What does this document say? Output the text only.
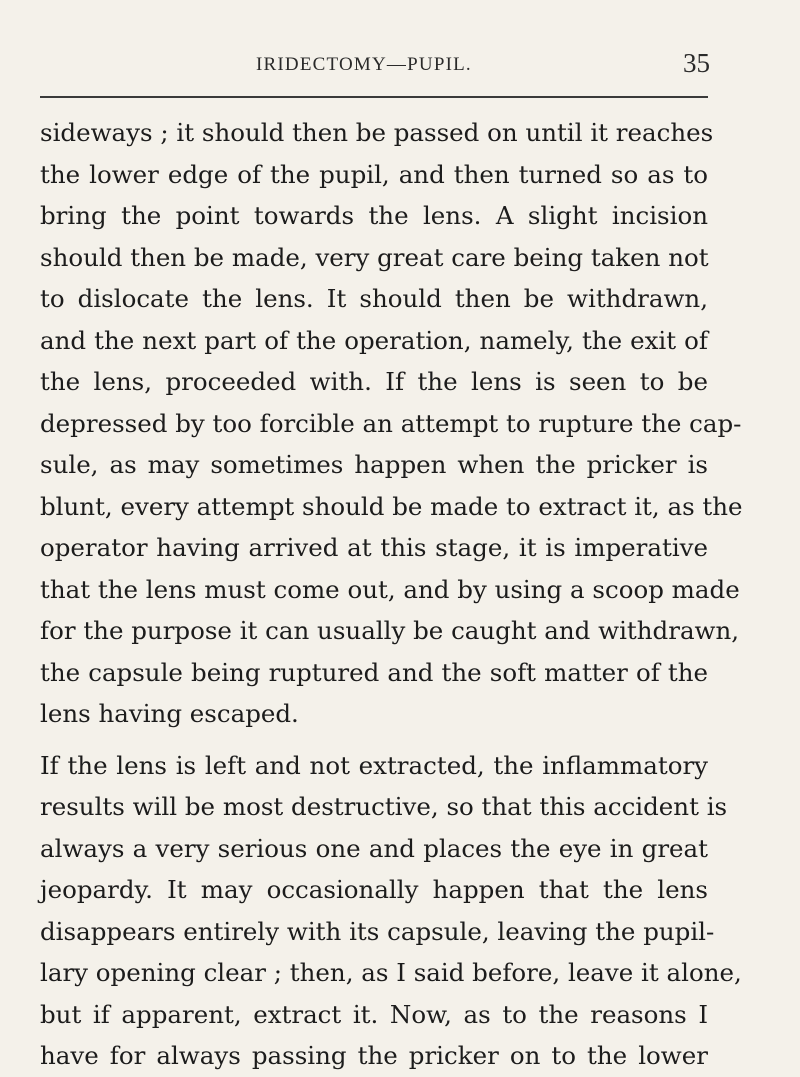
IRIDECTOMY—PUPIL.	35
sideways ; it should then be passed on until it reaches
the lower edge of the pupil, and then turned so as to
bring the point towards the lens. A slight incision
should then be made, very great care being taken not
to dislocate the lens. It should then be withdrawn,
and the next part of the operation, namely, the exit of
the lens, proceeded with. If the lens is seen to be
depressed by too forcible an attempt to rupture the cap-
sule, as may sometimes happen when the pricker is
blunt, every attempt should be made to extract it, as the
operator having arrived at this stage, it is imperative
that the lens must come out, and by using a scoop made
for the purpose it can usually be caught and withdrawn,
the capsule being ruptured and the soft matter of the
lens having escaped.
If the lens is left and not extracted, the inflammatory
results will be most destructive, so that this accident is
always a very serious one and places the eye in great
jeopardy. It may occasionally happen that the lens
disappears entirely with its capsule, leaving the pupil-
lary opening clear ; then, as I said before, leave it alone,
but if apparent, extract it. Now, as to the reasons I
have for always passing the pricker on to the lower
